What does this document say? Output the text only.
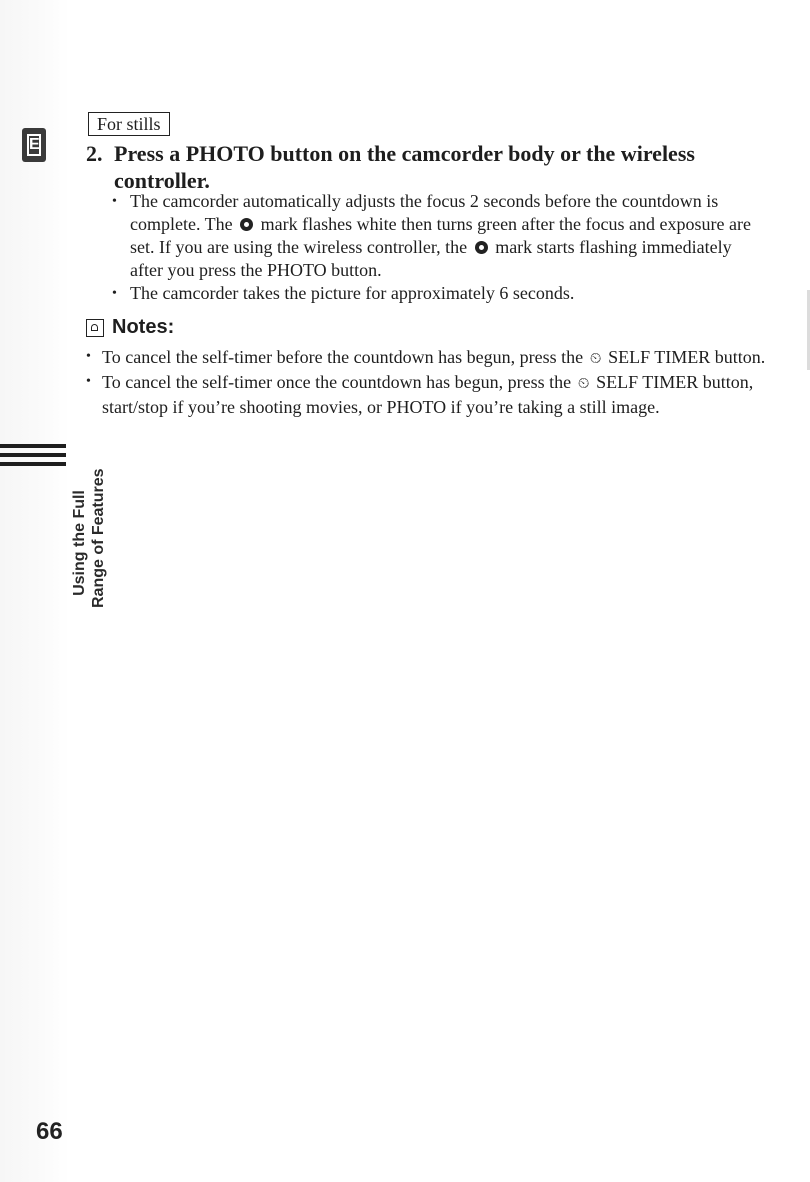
E
Using the Full Range of Features
For stills
2. Press a PHOTO button on the camcorder body or the wireless
controller.
• The camcorder automatically adjusts the focus 2 seconds before the countdown is complete. The mark flashes white then turns green after the focus and exposure are set. If you are using the wireless controller, the mark starts flashing immediately after you press the PHOTO button.
• The camcorder takes the picture for approximately 6 seconds.
Notes:
• To cancel the self-timer before the countdown has begun, press the ⏲ SELF TIMER button.
• To cancel the self-timer once the countdown has begun, press the ⏲ SELF TIMER button, start/stop if you’re shooting movies, or PHOTO if you’re taking a still image.
66
